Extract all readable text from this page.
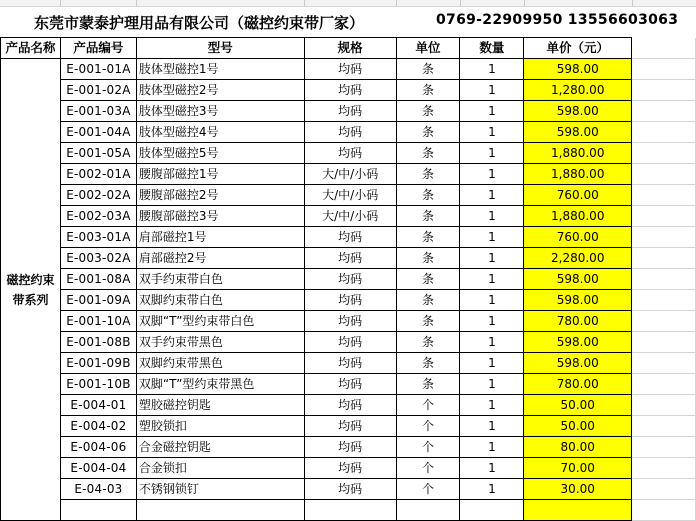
东莞市蒙泰护理用品有限公司（磁控约束带厂家）	0769-22909950 13556603063
产品名称	产品编号	型号	规格	单位	数量	单价（元）	
磁控约束带系列	E-001-01A	肢体型磁控1号	均码	条	1	598.00	
	E-001-02A	肢体型磁控2号	均码	条	1	1,280.00	
	E-001-03A	肢体型磁控3号	均码	条	1	598.00	
	E-001-04A	肢体型磁控4号	均码	条	1	598.00	
	E-001-05A	肢体型磁控5号	均码	条	1	1,880.00	
	E-002-01A	腰腹部磁控1号	大/中/小码	条	1	1,880.00	
	E-002-02A	腰腹部磁控2号	大/中/小码	条	1	760.00	
	E-002-03A	腰腹部磁控3号	大/中/小码	条	1	1,880.00	
	E-003-01A	肩部磁控1号	均码	条	1	760.00	
	E-003-02A	肩部磁控2号	均码	条	1	2,280.00	
	E-001-08A	双手约束带白色	均码	条	1	598.00	
	E-001-09A	双脚约束带白色	均码	条	1	598.00	
	E-001-10A	双脚“T”型约束带白色	均码	条	1	780.00	
	E-001-08B	双手约束带黑色	均码	条	1	598.00	
	E-001-09B	双脚约束带黑色	均码	条	1	598.00	
	E-001-10B	双脚“T”型约束带黑色	均码	条	1	780.00	
	E-004-01	塑胶磁控钥匙	均码	个	1	50.00	
	E-004-02	塑胶锁扣	均码	个	1	50.00	
	E-004-06	合金磁控钥匙	均码	个	1	80.00	
	E-004-04	合金锁扣	均码	个	1	70.00	
	E-04-03	不锈钢锁钉	均码	个	1	30.00	
